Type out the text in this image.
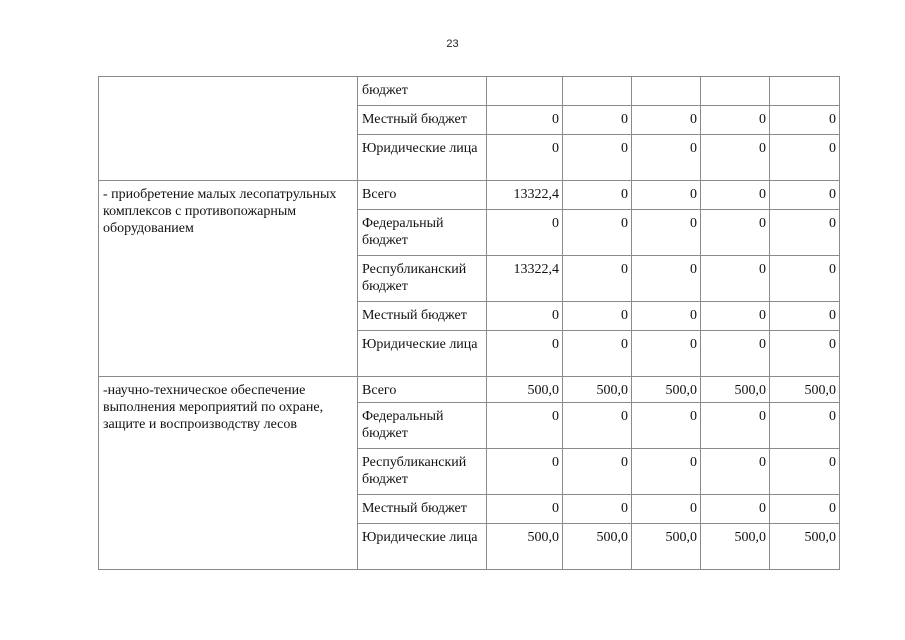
23
	бюджет					
	Местный бюджет	0	0	0	0	0
	Юридические лица	0	0	0	0	0
- приобретение малых лесопатрульных комплексов с противопожарным оборудованием	Всего	13322,4	0	0	0	0
	Федеральный бюджет	0	0	0	0	0
	Республиканский бюджет	13322,4	0	0	0	0
	Местный бюджет	0	0	0	0	0
	Юридические лица	0	0	0	0	0
-научно-техническое обеспечение выполнения мероприятий по охране, защите и воспроизводству лесов	Всего	500,0	500,0	500,0	500,0	500,0
	Федеральный бюджет	0	0	0	0	0
	Республиканский бюджет	0	0	0	0	0
	Местный бюджет	0	0	0	0	0
	Юридические лица	500,0	500,0	500,0	500,0	500,0
